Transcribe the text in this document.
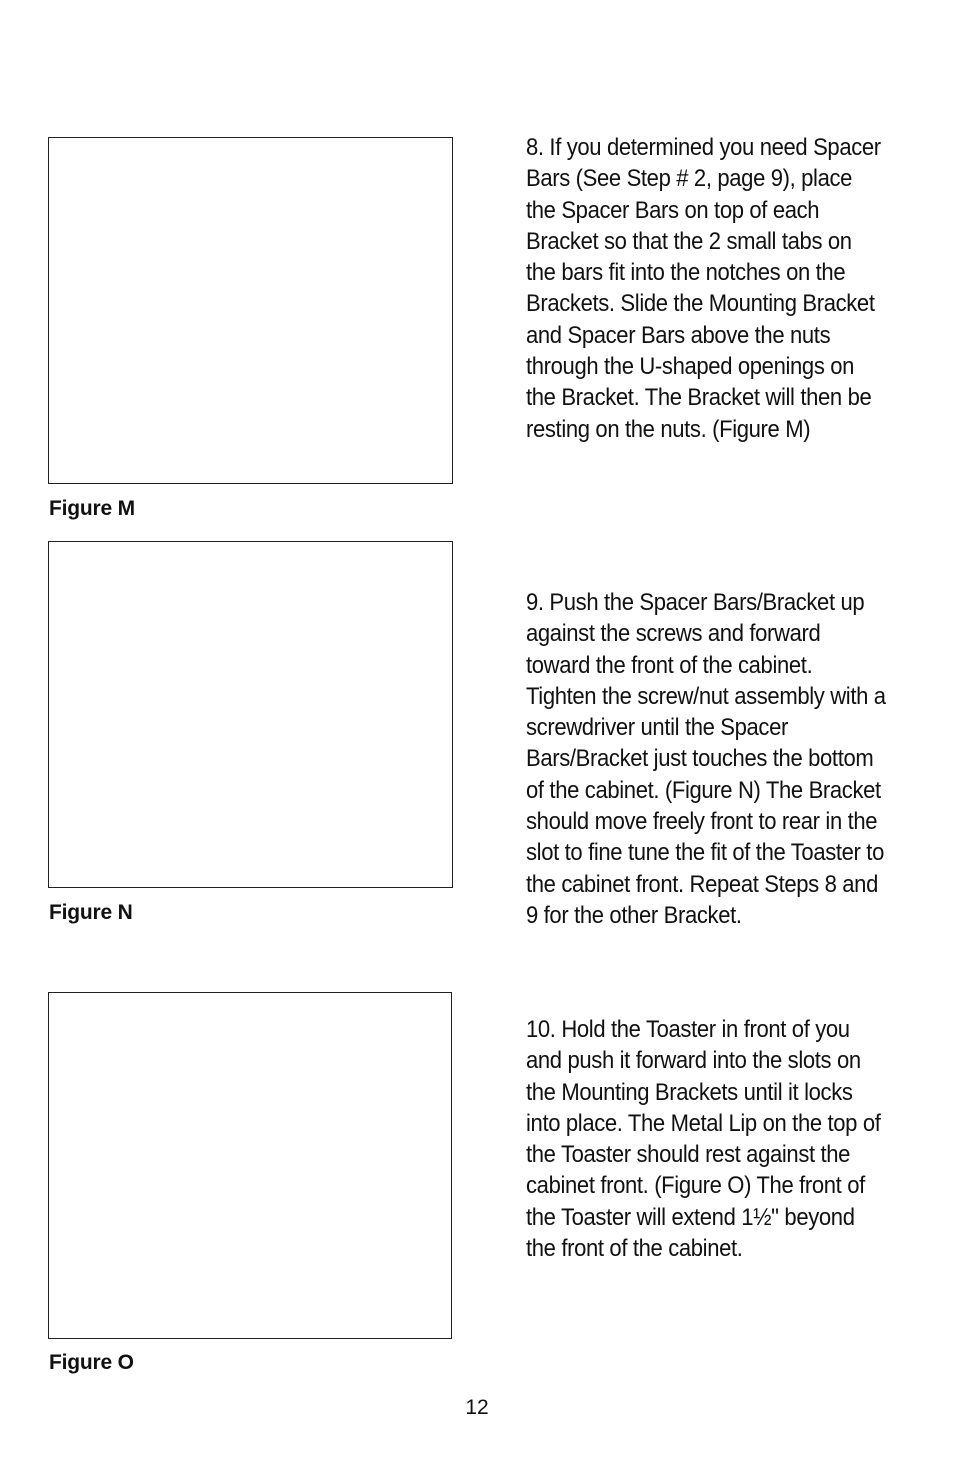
Figure M
Figure N
Figure O

8. If you determined you need Spacer Bars (See Step # 2, page 9), place the Spacer Bars on top of each Bracket so that the 2 small tabs on the bars fit into the notches on the Brackets. Slide the Mounting Bracket and Spacer Bars above the nuts through the U-shaped openings on the Bracket. The Bracket will then be resting on the nuts. (Figure M)

9. Push the Spacer Bars/Bracket up against the screws and forward toward the front of the cabinet. Tighten the screw/nut assembly with a screwdriver until the Spacer Bars/Bracket just touches the bottom of the cabinet. (Figure N) The Bracket should move freely front to rear in the slot to fine tune the fit of the Toaster to the cabinet front. Repeat Steps 8 and 9 for the other Bracket.

10. Hold the Toaster in front of you and push it forward into the slots on the Mounting Brackets until it locks into place. The Metal Lip on the top of the Toaster should rest against the cabinet front. (Figure O) The front of the Toaster will extend 1½" beyond the front of the cabinet.

12
